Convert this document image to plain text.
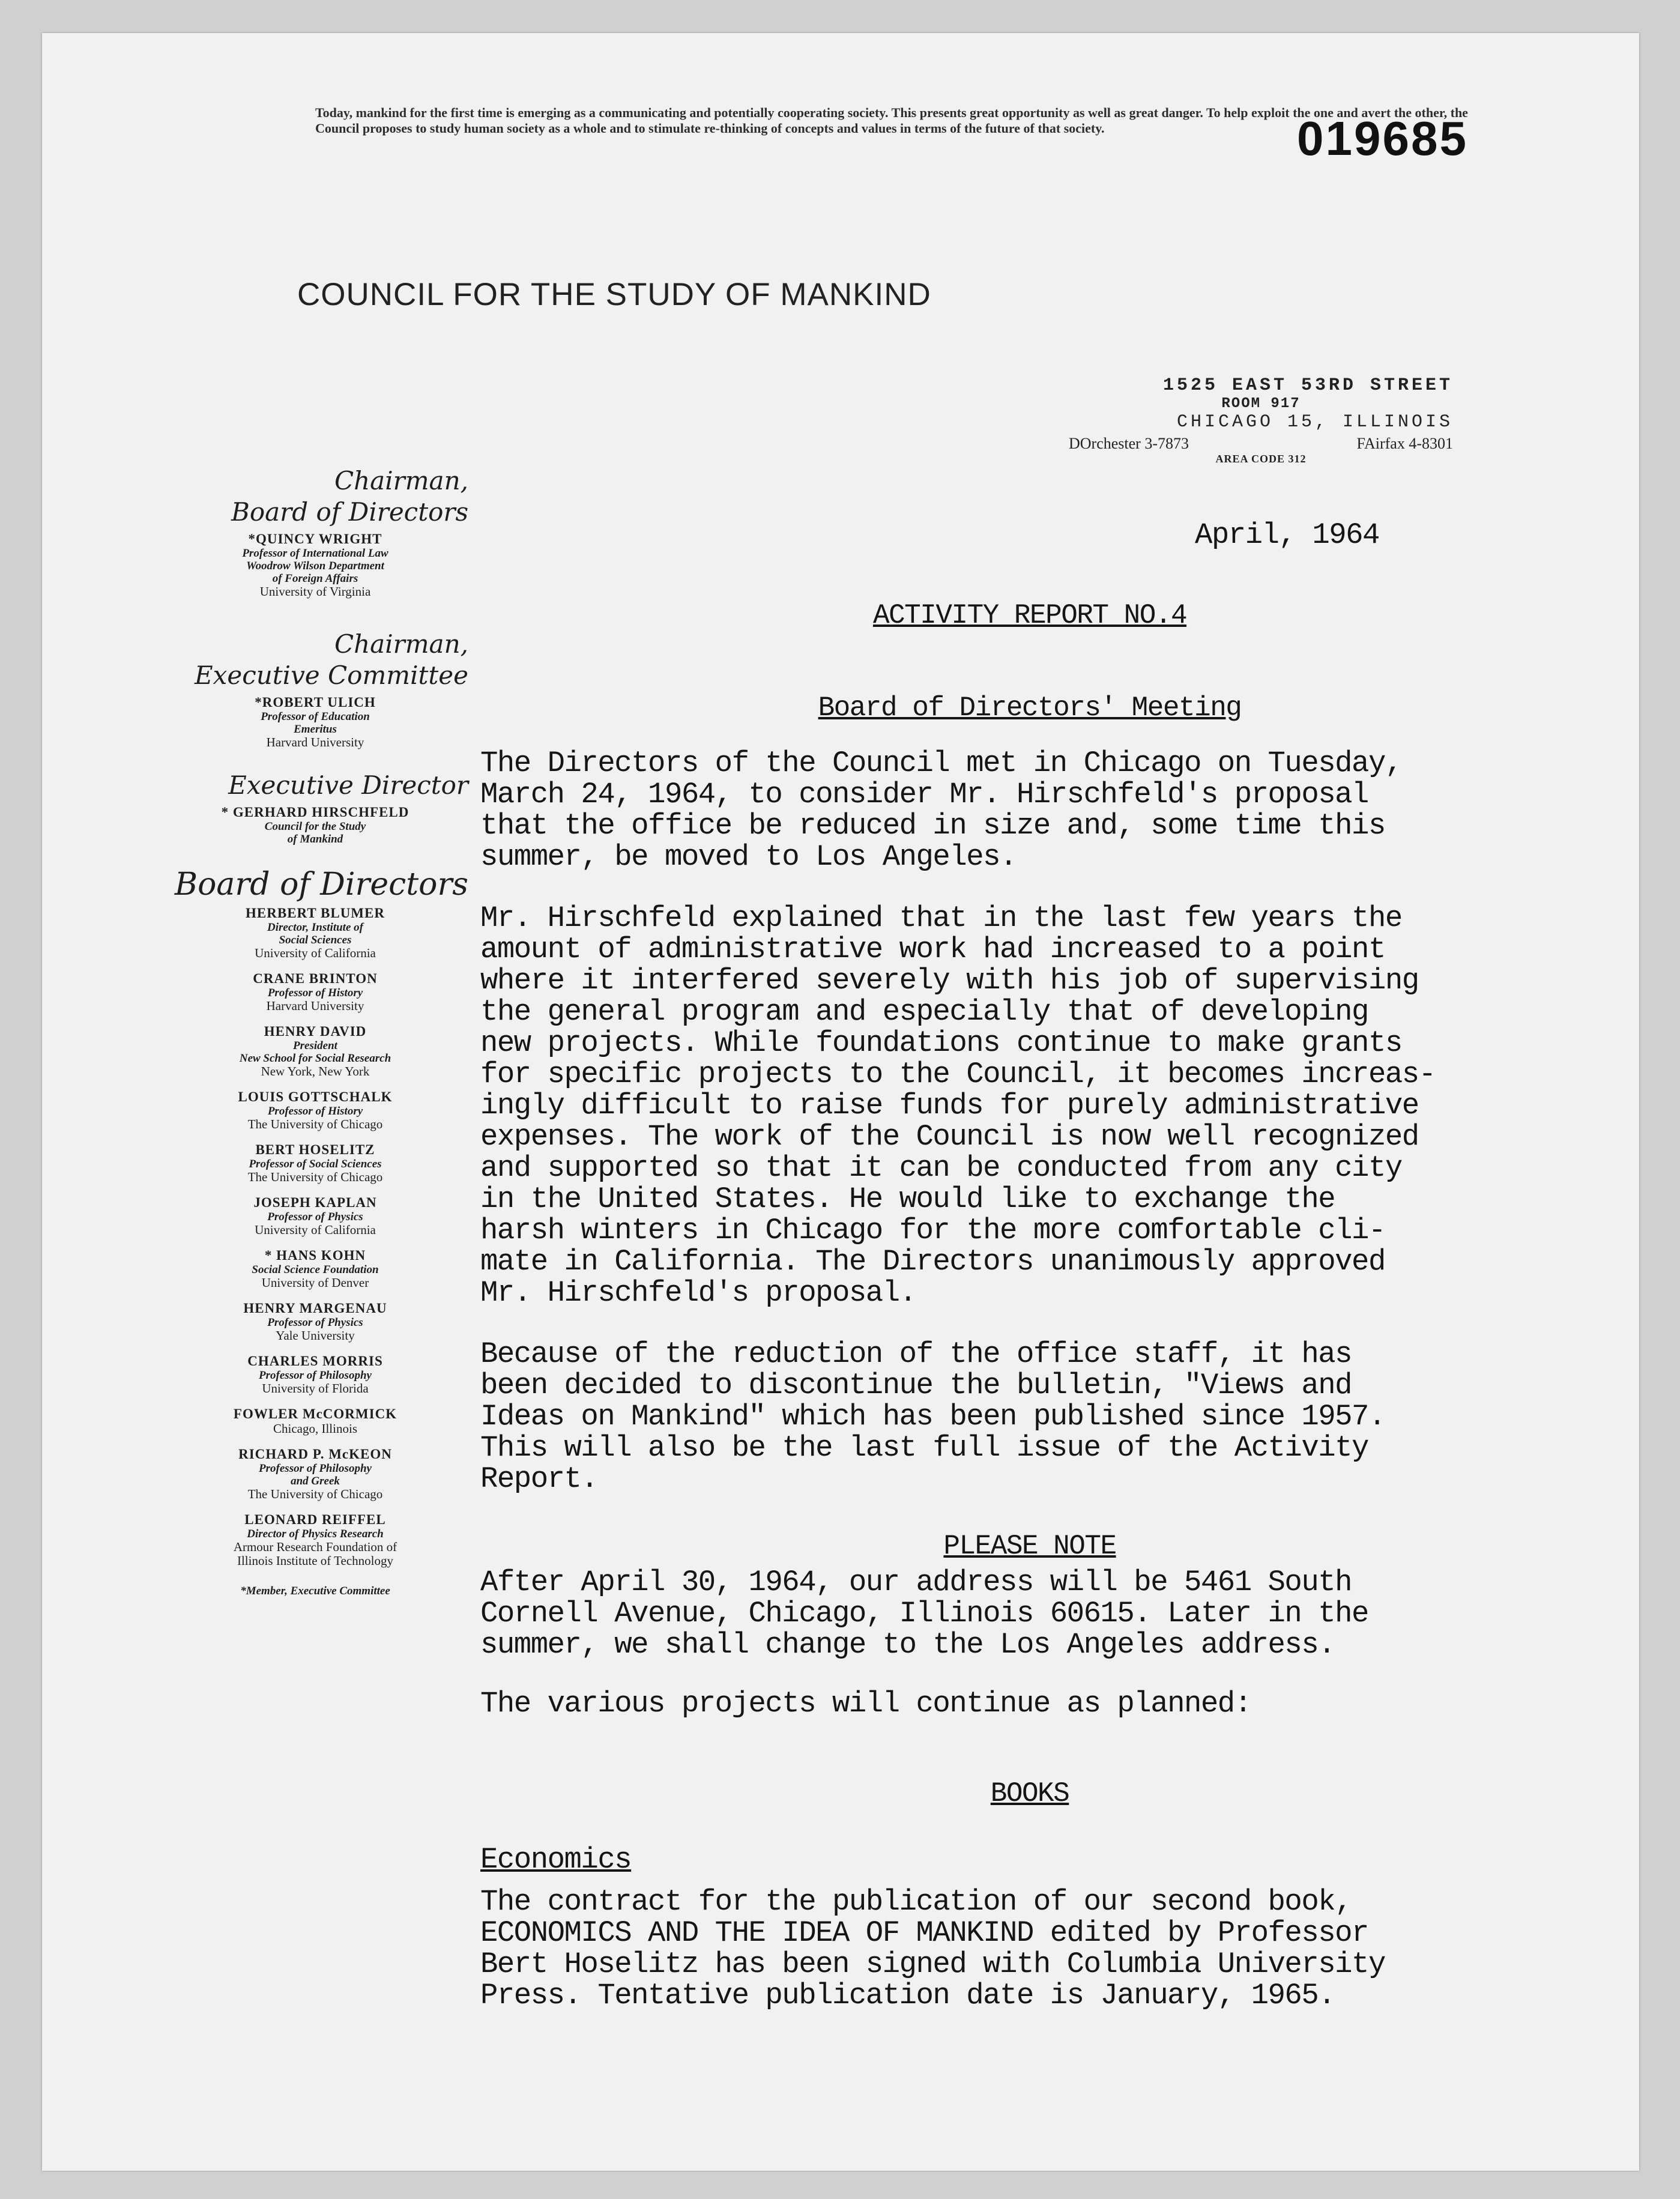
Today, mankind for the first time is emerging as a communicating and potentially cooperating society. This presents great opportunity as well as great danger. To help exploit the one and avert the other, the Council proposes to study human society as a whole and to stimulate re-thinking of concepts and values in terms of the future of that society.	019685
COUNCIL FOR THE STUDY OF MANKIND
1525 EAST 53RD STREET
ROOM 917
CHICAGO 15, ILLINOIS
DOrchester 3-7873	FAirfax 4-8301
AREA CODE 312
Chairman,
Board of Directors
*QUINCY WRIGHT
Professor of International Law
Woodrow Wilson Department
of Foreign Affairs
University of Virginia
Chairman,
Executive Committee
*ROBERT ULICH
Professor of Education
Emeritus
Harvard University
Executive Director
* GERHARD HIRSCHFELD
Council for the Study
of Mankind
Board of Directors
HERBERT BLUMER
Director, Institute of
Social Sciences
University of California
CRANE BRINTON
Professor of History
Harvard University
HENRY DAVID
President
New School for Social Research
New York, New York
LOUIS GOTTSCHALK
Professor of History
The University of Chicago
BERT HOSELITZ
Professor of Social Sciences
The University of Chicago
JOSEPH KAPLAN
Professor of Physics
University of California
* HANS KOHN
Social Science Foundation
University of Denver
HENRY MARGENAU
Professor of Physics
Yale University
CHARLES MORRIS
Professor of Philosophy
University of Florida
FOWLER McCORMICK
Chicago, Illinois
RICHARD P. McKEON
Professor of Philosophy
and Greek
The University of Chicago
LEONARD REIFFEL
Director of Physics Research
Armour Research Foundation of
Illinois Institute of Technology
*Member, Executive Committee

April, 1964

ACTIVITY REPORT NO.4

Board of Directors' Meeting

The Directors of the Council met in Chicago on Tuesday,
March 24, 1964, to consider Mr. Hirschfeld's proposal
that the office be reduced in size and, some time this
summer, be moved to Los Angeles.

Mr. Hirschfeld explained that in the last few years the
amount of administrative work had increased to a point
where it interfered severely with his job of supervising
the general program and especially that of developing
new projects. While foundations continue to make grants
for specific projects to the Council, it becomes increas-
ingly difficult to raise funds for purely administrative
expenses. The work of the Council is now well recognized
and supported so that it can be conducted from any city
in the United States. He would like to exchange the
harsh winters in Chicago for the more comfortable cli-
mate in California. The Directors unanimously approved
Mr. Hirschfeld's proposal.

Because of the reduction of the office staff, it has
been decided to discontinue the bulletin, "Views and
Ideas on Mankind" which has been published since 1957.
This will also be the last full issue of the Activity
Report.

PLEASE NOTE

After April 30, 1964, our address will be 5461 South
Cornell Avenue, Chicago, Illinois 60615. Later in the
summer, we shall change to the Los Angeles address.

The various projects will continue as planned:

BOOKS

Economics

The contract for the publication of our second book,
ECONOMICS AND THE IDEA OF MANKIND edited by Professor
Bert Hoselitz has been signed with Columbia University
Press. Tentative publication date is January, 1965.
